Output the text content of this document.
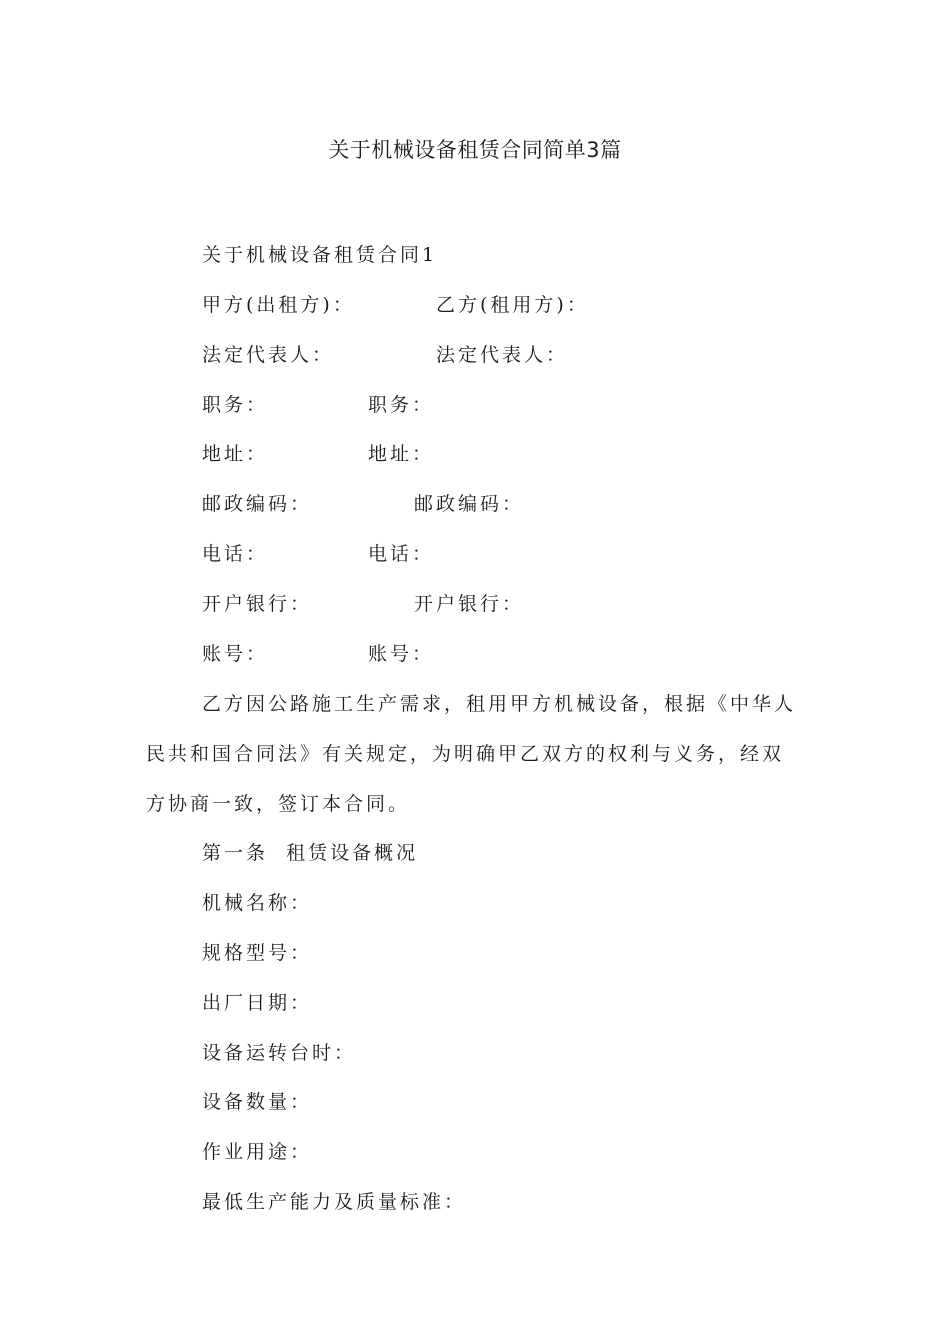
关于机械设备租赁合同简单3篇
关于机械设备租赁合同1
甲方(出租方)：	乙方(租用方)：
法定代表人：	法定代表人：
职务：	职务：
地址：	地址：
邮政编码：	邮政编码：
电话：	电话：
开户银行：	开户银行：
账号：	账号：
乙方因公路施工生产需求，租用甲方机械设备，根据《中华人
民共和国合同法》有关规定，为明确甲乙双方的权利与义务，经双
方协商一致，签订本合同。
第一条  租赁设备概况
机械名称：
规格型号：
出厂日期：
设备运转台时：
设备数量：
作业用途：
最低生产能力及质量标准：
